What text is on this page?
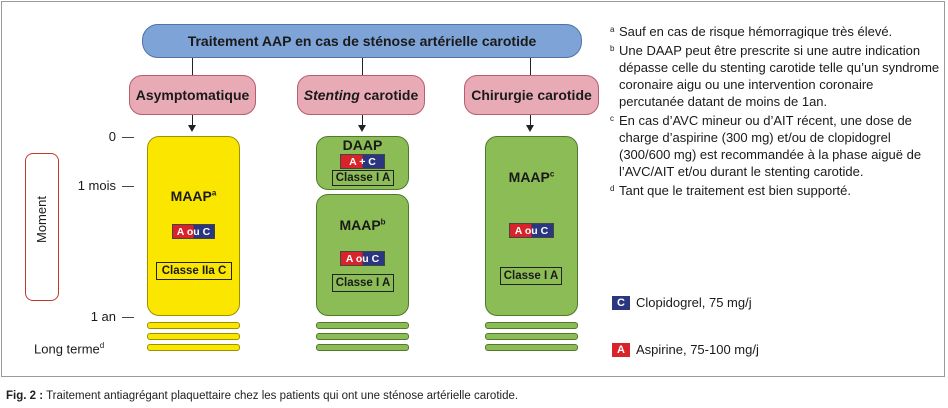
Traitement AAP en cas de sténose artérielle carotide
Asymptomatique	Stenting carotide	Chirurgie carotide
Moment
0
1 mois
1 an
Long terme$^d$
MAAP$^a$
A ou C
Classe IIa C
DAAP
A + C
Classe I A
MAAP$^b$
A ou C
Classe I A
MAAP$^c$
A ou C
Classe I A
a Sauf en cas de risque hémorragique très élevé.
b Une DAAP peut être prescrite si une autre indication dépasse celle du stenting carotide telle qu’un syndrome coronaire aigu ou une intervention coronaire percutanée datant de moins de 1an.
c En cas d’AVC mineur ou d’AIT récent, une dose de charge d’aspirine (300 mg) et/ou de clopidogrel (300/600 mg) est recommandée à la phase aiguë de l’AVC/AIT et/ou durant le stenting carotide.
d Tant que le traitement est bien supporté.
C Clopidogrel, 75 mg/j
A Aspirine, 75-100 mg/j
Fig. 2 : Traitement antiagrégant plaquettaire chez les patients qui ont une sténose artérielle carotide.
